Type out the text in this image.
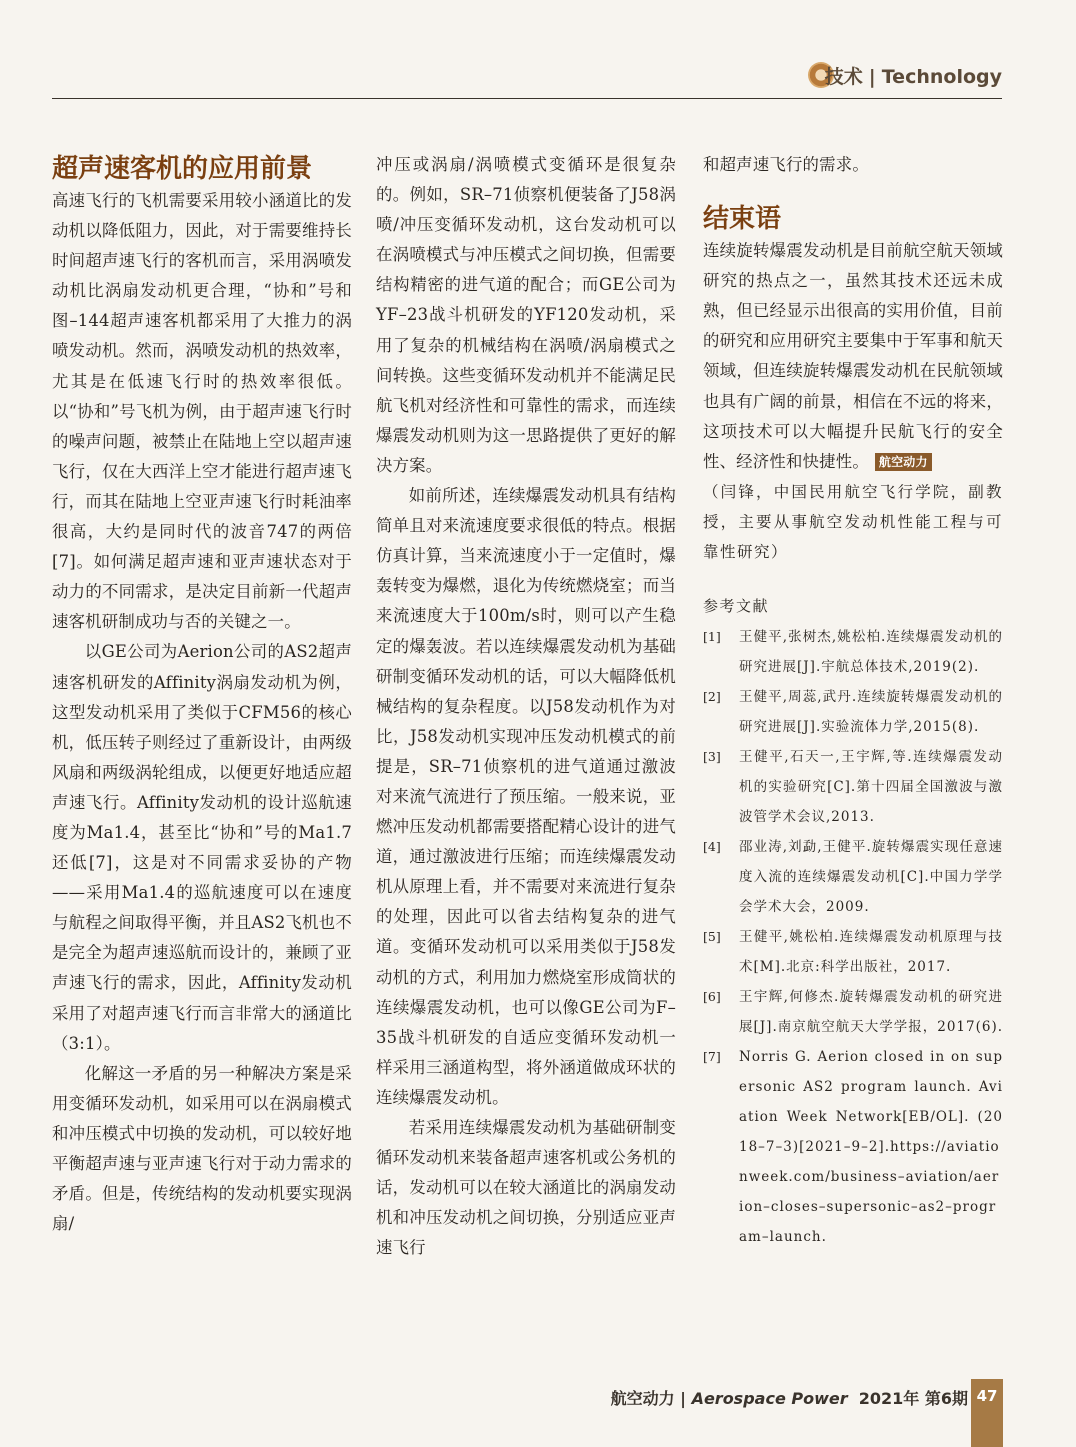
技术 | Technology
超声速客机的应用前景

高速飞行的飞机需要采用较小涵道比的发动机以降低阻力，因此，对于需要维持长时间超声速飞行的客机而言，采用涡喷发动机比涡扇发动机更合理，“协和”号和图–144超声速客机都采用了大推力的涡喷发动机。然而，涡喷发动机的热效率，尤其是在低速飞行时的热效率很低。以“协和”号飞机为例，由于超声速飞行时的噪声问题，被禁止在陆地上空以超声速飞行，仅在大西洋上空才能进行超声速飞行，而其在陆地上空亚声速飞行时耗油率很高，大约是同时代的波音747的两倍[7]。如何满足超声速和亚声速状态对于动力的不同需求，是决定目前新一代超声速客机研制成功与否的关键之一。

以GE公司为Aerion公司的AS2超声速客机研发的Affinity涡扇发动机为例，这型发动机采用了类似于CFM56的核心机，低压转子则经过了重新设计，由两级风扇和两级涡轮组成，以便更好地适应超声速飞行。Affinity发动机的设计巡航速度为Ma1.4，甚至比“协和”号的Ma1.7还低[7]，这是对不同需求妥协的产物——采用Ma1.4的巡航速度可以在速度与航程之间取得平衡，并且AS2飞机也不是完全为超声速巡航而设计的，兼顾了亚声速飞行的需求，因此，Affinity发动机采用了对超声速飞行而言非常大的涵道比（3:1）。

化解这一矛盾的另一种解决方案是采用变循环发动机，如采用可以在涡扇模式和冲压模式中切换的发动机，可以较好地平衡超声速与亚声速飞行对于动力需求的矛盾。但是，传统结构的发动机要实现涡扇/

冲压或涡扇/涡喷模式变循环是很复杂的。例如，SR–71侦察机便装备了J58涡喷/冲压变循环发动机，这台发动机可以在涡喷模式与冲压模式之间切换，但需要结构精密的进气道的配合；而GE公司为YF–23战斗机研发的YF120发动机，采用了复杂的机械结构在涡喷/涡扇模式之间转换。这些变循环发动机并不能满足民航飞机对经济性和可靠性的需求，而连续爆震发动机则为这一思路提供了更好的解决方案。

如前所述，连续爆震发动机具有结构简单且对来流速度要求很低的特点。根据仿真计算，当来流速度小于一定值时，爆轰转变为爆燃，退化为传统燃烧室；而当来流速度大于100m/s时，则可以产生稳定的爆轰波。若以连续爆震发动机为基础研制变循环发动机的话，可以大幅降低机械结构的复杂程度。以J58发动机作为对比，J58发动机实现冲压发动机模式的前提是，SR–71侦察机的进气道通过激波对来流气流进行了预压缩。一般来说，亚燃冲压发动机都需要搭配精心设计的进气道，通过激波进行压缩；而连续爆震发动机从原理上看，并不需要对来流进行复杂的处理，因此可以省去结构复杂的进气道。变循环发动机可以采用类似于J58发动机的方式，利用加力燃烧室形成筒状的连续爆震发动机，也可以像GE公司为F–35战斗机研发的自适应变循环发动机一样采用三涵道构型，将外涵道做成环状的连续爆震发动机。

若采用连续爆震发动机为基础研制变循环发动机来装备超声速客机或公务机的话，发动机可以在较大涵道比的涡扇发动机和冲压发动机之间切换，分别适应亚声速飞行

和超声速飞行的需求。

结束语

连续旋转爆震发动机是目前航空航天领域研究的热点之一，虽然其技术还远未成熟，但已经显示出很高的实用价值，目前的研究和应用研究主要集中于军事和航天领域，但连续旋转爆震发动机在民航领域也具有广阔的前景，相信在不远的将来，这项技术可以大幅提升民航飞行的安全性、经济性和快捷性。 航空动力

（闫锋，中国民用航空飞行学院，副教授，主要从事航空发动机性能工程与可靠性研究）

参考文献
[1]	王健平,张树杰,姚松柏.连续爆震发动机的研究进展[J].宇航总体技术,2019(2).
[2]	王健平,周蕊,武丹.连续旋转爆震发动机的研究进展[J].实验流体力学,2015(8).
[3]	王健平,石天一,王宇辉,等.连续爆震发动机的实验研究[C].第十四届全国激波与激波管学术会议,2013.
[4]	邵业涛,刘勐,王健平.旋转爆震实现任意速度入流的连续爆震发动机[C].中国力学学会学术大会，2009.
[5]	王健平,姚松柏.连续爆震发动机原理与技术[M].北京:科学出版社，2017.
[6]	王宇辉,何修杰.旋转爆震发动机的研究进展[J].南京航空航天大学学报，2017(6).
[7]	Norris G. Aerion closed in on supersonic AS2 program launch. Aviation Week Network[EB/OL]. (2018–7–3)[2021–9–2].https://aviationweek.com/business–aviation/aerion–closes–supersonic–as2–program–launch.
航空动力 | Aerospace Power 2021年 第6期 47
